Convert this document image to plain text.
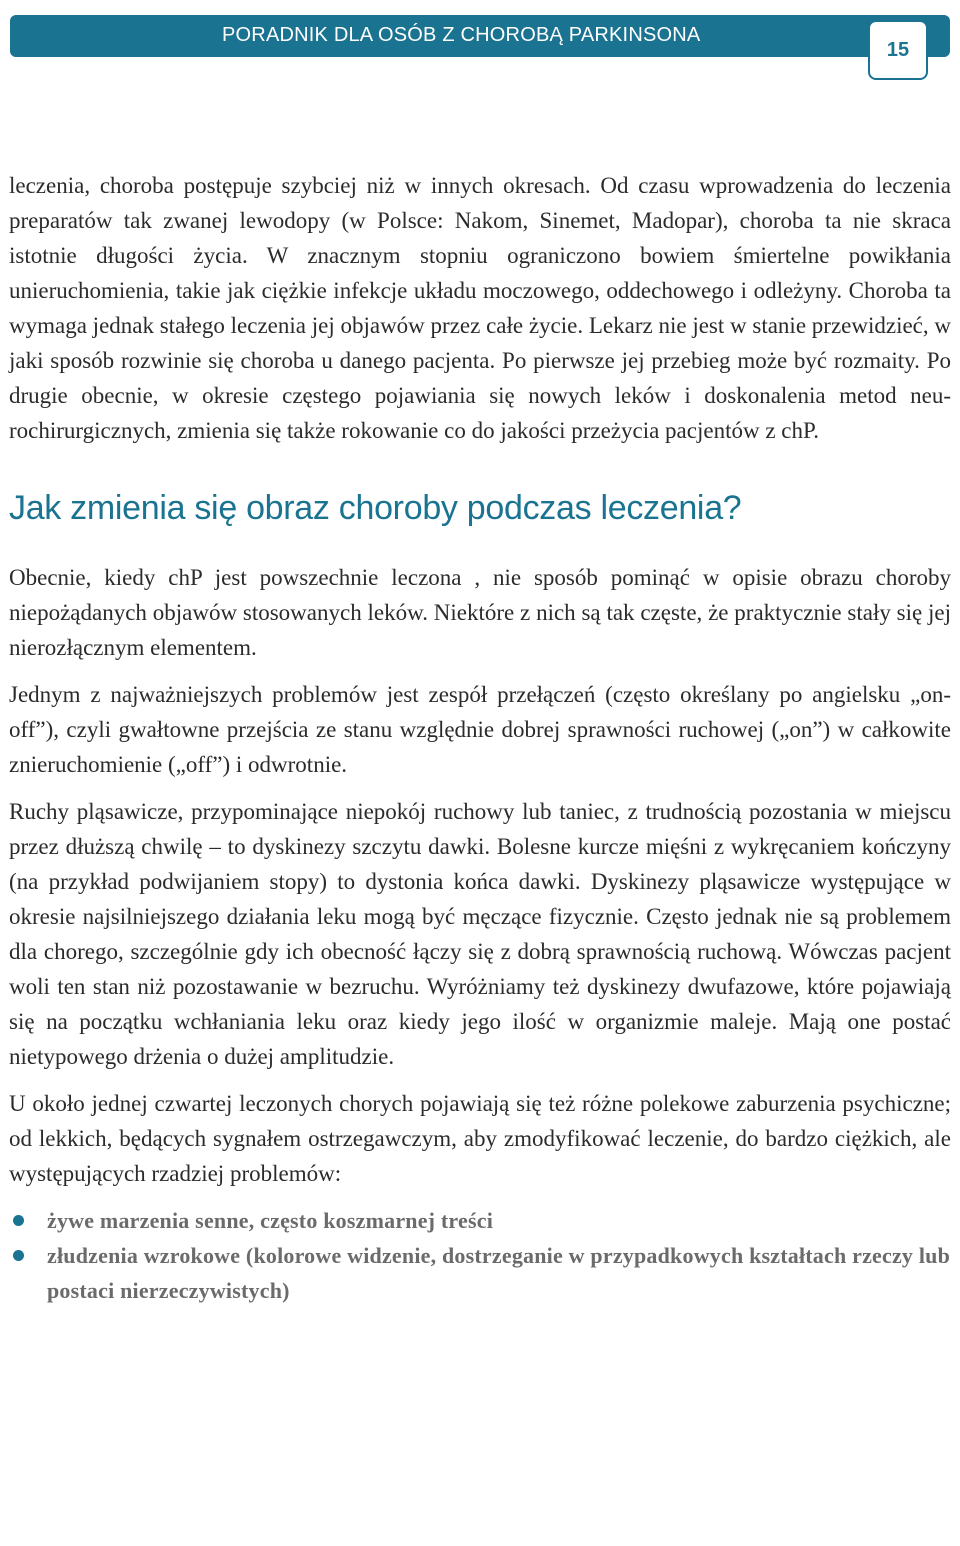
PORADNIK DLA OSÓB Z CHOROBĄ PARKINSONA
15

leczenia, choroba postępuje szybciej niż w innych okresach. Od czasu wprowadzenia do leczenia preparatów tak zwanej lewodopy (w Polsce: Nakom, Sinemet, Madopar), choroba ta nie skraca istotnie długości życia. W znacznym stopniu ograniczono bowiem śmiertelne powikłania unieruchomienia, takie jak ciężkie infekcje układu moczowego, oddechowego i odleżyny. Choroba ta wymaga jednak stałego leczenia jej objawów przez całe życie. Lekarz nie jest w stanie przewidzieć, w jaki sposób rozwinie się choroba u danego pacjenta. Po pierwsze jej przebieg może być rozmaity. Po drugie obecnie, w okresie częstego pojawiania się nowych leków i doskonalenia metod neurochirurgicznych, zmienia się także rokowanie co do jakości przeżycia pacjentów z chP.

Jak zmienia się obraz choroby podczas leczenia?

Obecnie, kiedy chP jest powszechnie leczona , nie sposób pominąć w opisie obrazu choroby niepożądanych objawów stosowanych leków. Niektóre z nich są tak częste, że praktycznie stały się jej nierozłącznym elementem.

Jednym z najważniejszych problemów jest zespół przełączeń (często określany po angielsku „on-off”), czyli gwałtowne przejścia ze stanu względnie dobrej sprawności ruchowej („on”) w całkowite znieruchomienie („off”) i odwrotnie.

Ruchy pląsawicze, przypominające niepokój ruchowy lub taniec, z trudnością pozostania w miejscu przez dłuższą chwilę – to dyskinezy szczytu dawki. Bolesne kurcze mięśni z wykręcaniem kończyny (na przykład podwijaniem stopy) to dystonia końca dawki. Dyskinezy pląsawicze występujące w okresie najsilniejszego działania leku mogą być męczące fizycznie. Często jednak nie są problemem dla chorego, szczególnie gdy ich obecność łączy się z dobrą sprawnością ruchową. Wówczas pacjent woli ten stan niż pozostawanie w bezruchu. Wyróżniamy też dyskinezy dwufazowe, które pojawiają się na początku wchłaniania leku oraz kiedy jego ilość w organizmie maleje. Mają one postać nietypowego drżenia o dużej amplitudzie.

U około jednej czwartej leczonych chorych pojawiają się też różne polekowe zaburzenia psychiczne; od lekkich, będących sygnałem ostrzegawczym, aby zmodyfikować leczenie, do bardzo ciężkich, ale występujących rzadziej problemów:

żywe marzenia senne, często koszmarnej treści
złudzenia wzrokowe (kolorowe widzenie, dostrzeganie w przypadkowych kształtach rzeczy lub postaci nierzeczywistych)
